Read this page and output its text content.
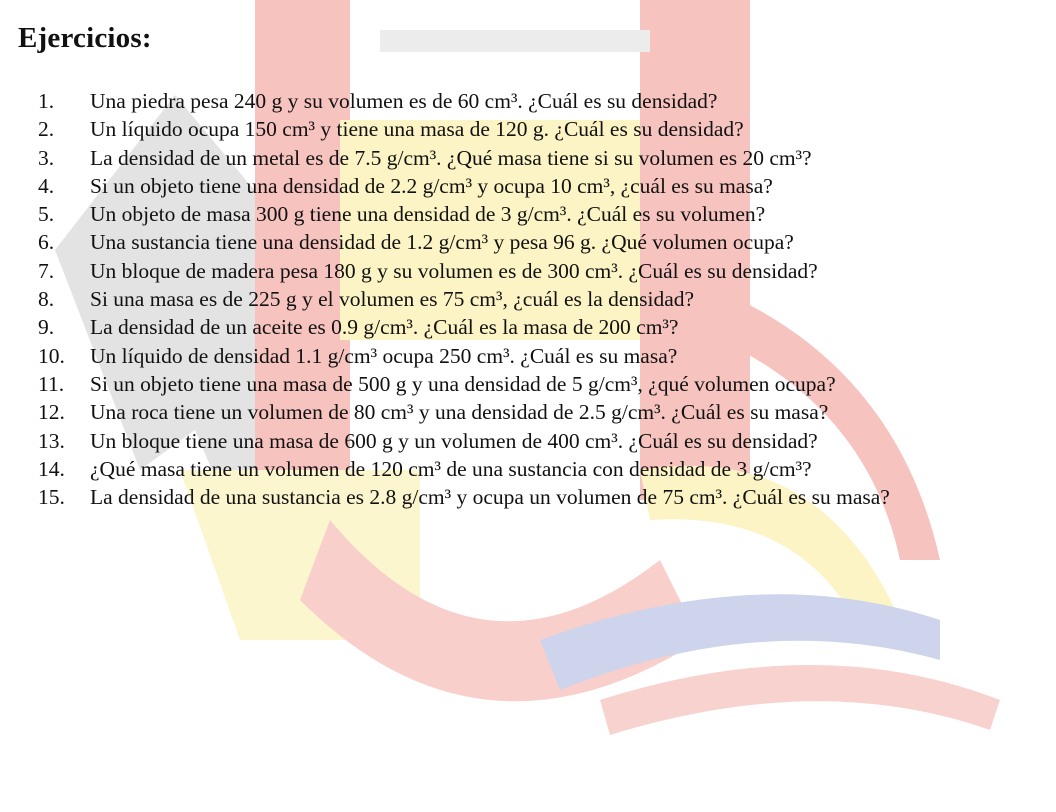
Ejercicios:
1.	Una piedra pesa 240 g y su volumen es de 60 cm³. ¿Cuál es su densidad?
2.	Un líquido ocupa 150 cm³ y tiene una masa de 120 g. ¿Cuál es su densidad?
3.	La densidad de un metal es de 7.5 g/cm³. ¿Qué masa tiene si su volumen es 20 cm³?
4.	Si un objeto tiene una densidad de 2.2 g/cm³ y ocupa 10 cm³, ¿cuál es su masa?
5.	Un objeto de masa 300 g tiene una densidad de 3 g/cm³. ¿Cuál es su volumen?
6.	Una sustancia tiene una densidad de 1.2 g/cm³ y pesa 96 g. ¿Qué volumen ocupa?
7.	Un bloque de madera pesa 180 g y su volumen es de 300 cm³. ¿Cuál es su densidad?
8.	Si una masa es de 225 g y el volumen es 75 cm³, ¿cuál es la densidad?
9.	La densidad de un aceite es 0.9 g/cm³. ¿Cuál es la masa de 200 cm³?
10.	Un líquido de densidad 1.1 g/cm³ ocupa 250 cm³. ¿Cuál es su masa?
11.	Si un objeto tiene una masa de 500 g y una densidad de 5 g/cm³, ¿qué volumen ocupa?
12.	Una roca tiene un volumen de 80 cm³ y una densidad de 2.5 g/cm³. ¿Cuál es su masa?
13.	Un bloque tiene una masa de 600 g y un volumen de 400 cm³. ¿Cuál es su densidad?
14.	¿Qué masa tiene un volumen de 120 cm³ de una sustancia con densidad de 3 g/cm³?
15.	La densidad de una sustancia es 2.8 g/cm³ y ocupa un volumen de 75 cm³. ¿Cuál es su masa?
